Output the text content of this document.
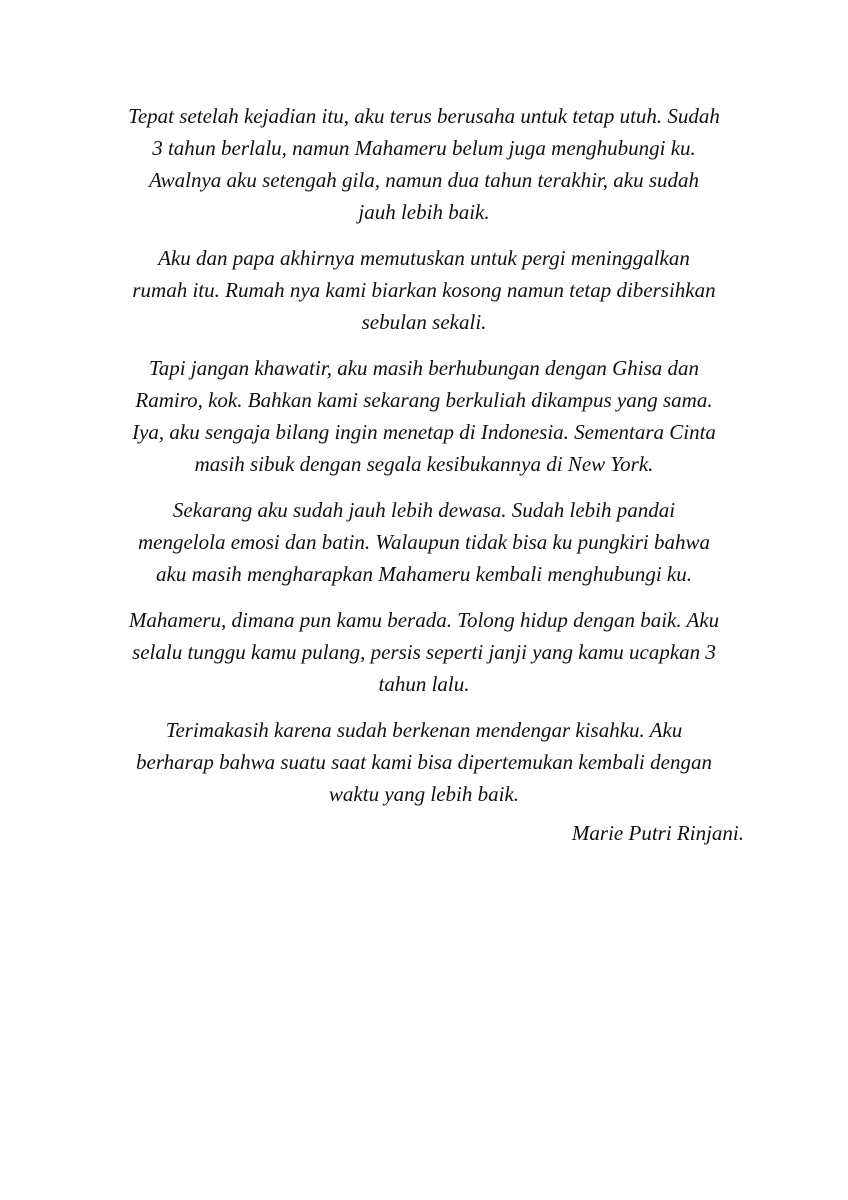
Tepat setelah kejadian itu, aku terus berusaha untuk tetap utuh. Sudah
3 tahun berlalu, namun Mahameru belum juga menghubungi ku.
Awalnya aku setengah gila, namun dua tahun terakhir, aku sudah
jauh lebih baik.

Aku dan papa akhirnya memutuskan untuk pergi meninggalkan
rumah itu. Rumah nya kami biarkan kosong namun tetap dibersihkan
sebulan sekali.

Tapi jangan khawatir, aku masih berhubungan dengan Ghisa dan
Ramiro, kok. Bahkan kami sekarang berkuliah dikampus yang sama.
Iya, aku sengaja bilang ingin menetap di Indonesia. Sementara Cinta
masih sibuk dengan segala kesibukannya di New York.

Sekarang aku sudah jauh lebih dewasa. Sudah lebih pandai
mengelola emosi dan batin. Walaupun tidak bisa ku pungkiri bahwa
aku masih mengharapkan Mahameru kembali menghubungi ku.

Mahameru, dimana pun kamu berada. Tolong hidup dengan baik. Aku
selalu tunggu kamu pulang, persis seperti janji yang kamu ucapkan 3
tahun lalu.

Terimakasih karena sudah berkenan mendengar kisahku. Aku
berharap bahwa suatu saat kami bisa dipertemukan kembali dengan
waktu yang lebih baik.

Marie Putri Rinjani.
